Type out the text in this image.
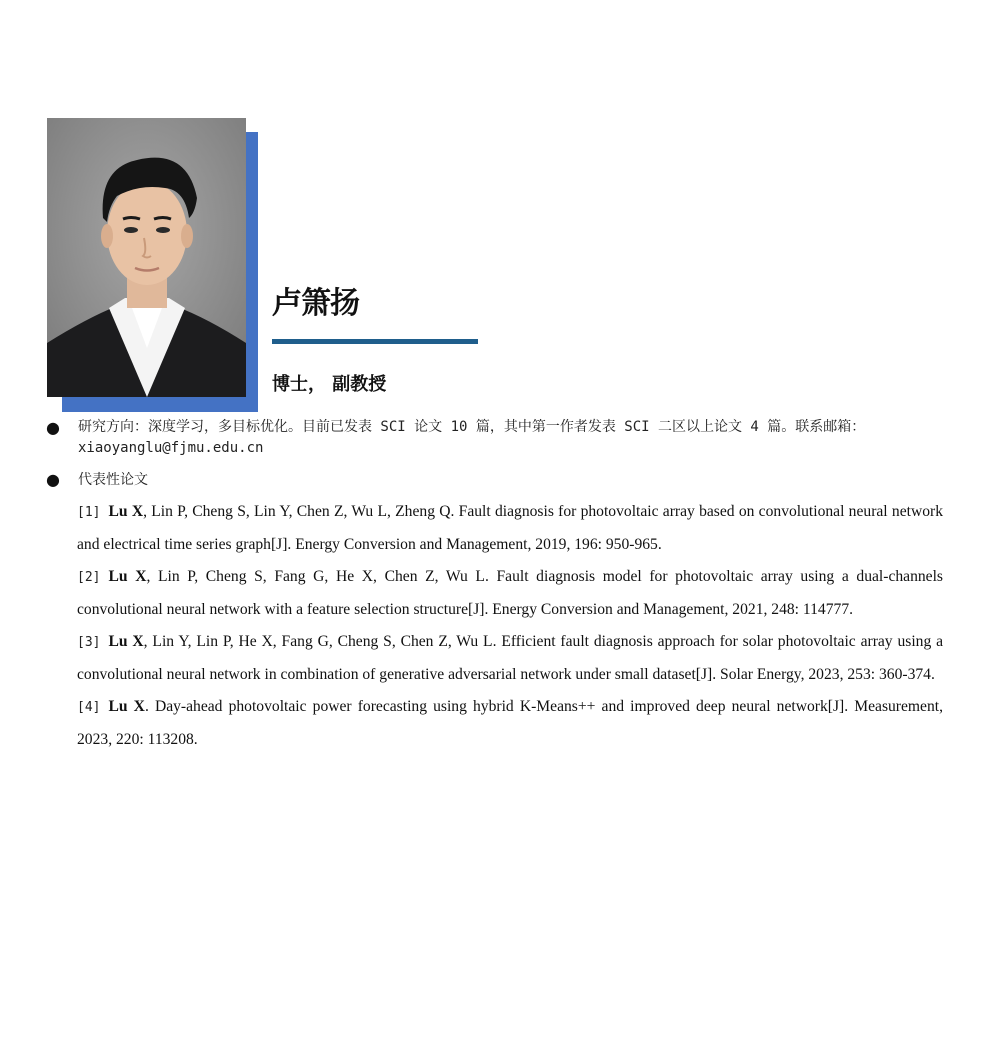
卢箫扬
博士， 副教授
● 研究方向：深度学习，多目标优化。目前已发表 SCI 论文 10 篇，其中第一作者发表 SCI 二区以上论文 4 篇。联系邮箱：
xiaoyanglu@fjmu.edu.cn

● 代表性论文

[1] Lu X, Lin P, Cheng S, Lin Y, Chen Z, Wu L, Zheng Q. Fault diagnosis for photovoltaic array based on convolutional neural network and electrical time series graph[J]. Energy Conversion and Management, 2019, 196: 950-965.
[2] Lu X, Lin P, Cheng S, Fang G, He X, Chen Z, Wu L. Fault diagnosis model for photovoltaic array using a dual-channels convolutional neural network with a feature selection structure[J]. Energy Conversion and Management, 2021, 248: 114777.
[3] Lu X, Lin Y, Lin P, He X, Fang G, Cheng S, Chen Z, Wu L. Efficient fault diagnosis approach for solar photovoltaic array using a convolutional neural network in combination of generative adversarial network under small dataset[J]. Solar Energy, 2023, 253: 360-374.
[4] Lu X. Day-ahead photovoltaic power forecasting using hybrid K-Means++ and improved deep neural network[J]. Measurement, 2023, 220: 113208.
